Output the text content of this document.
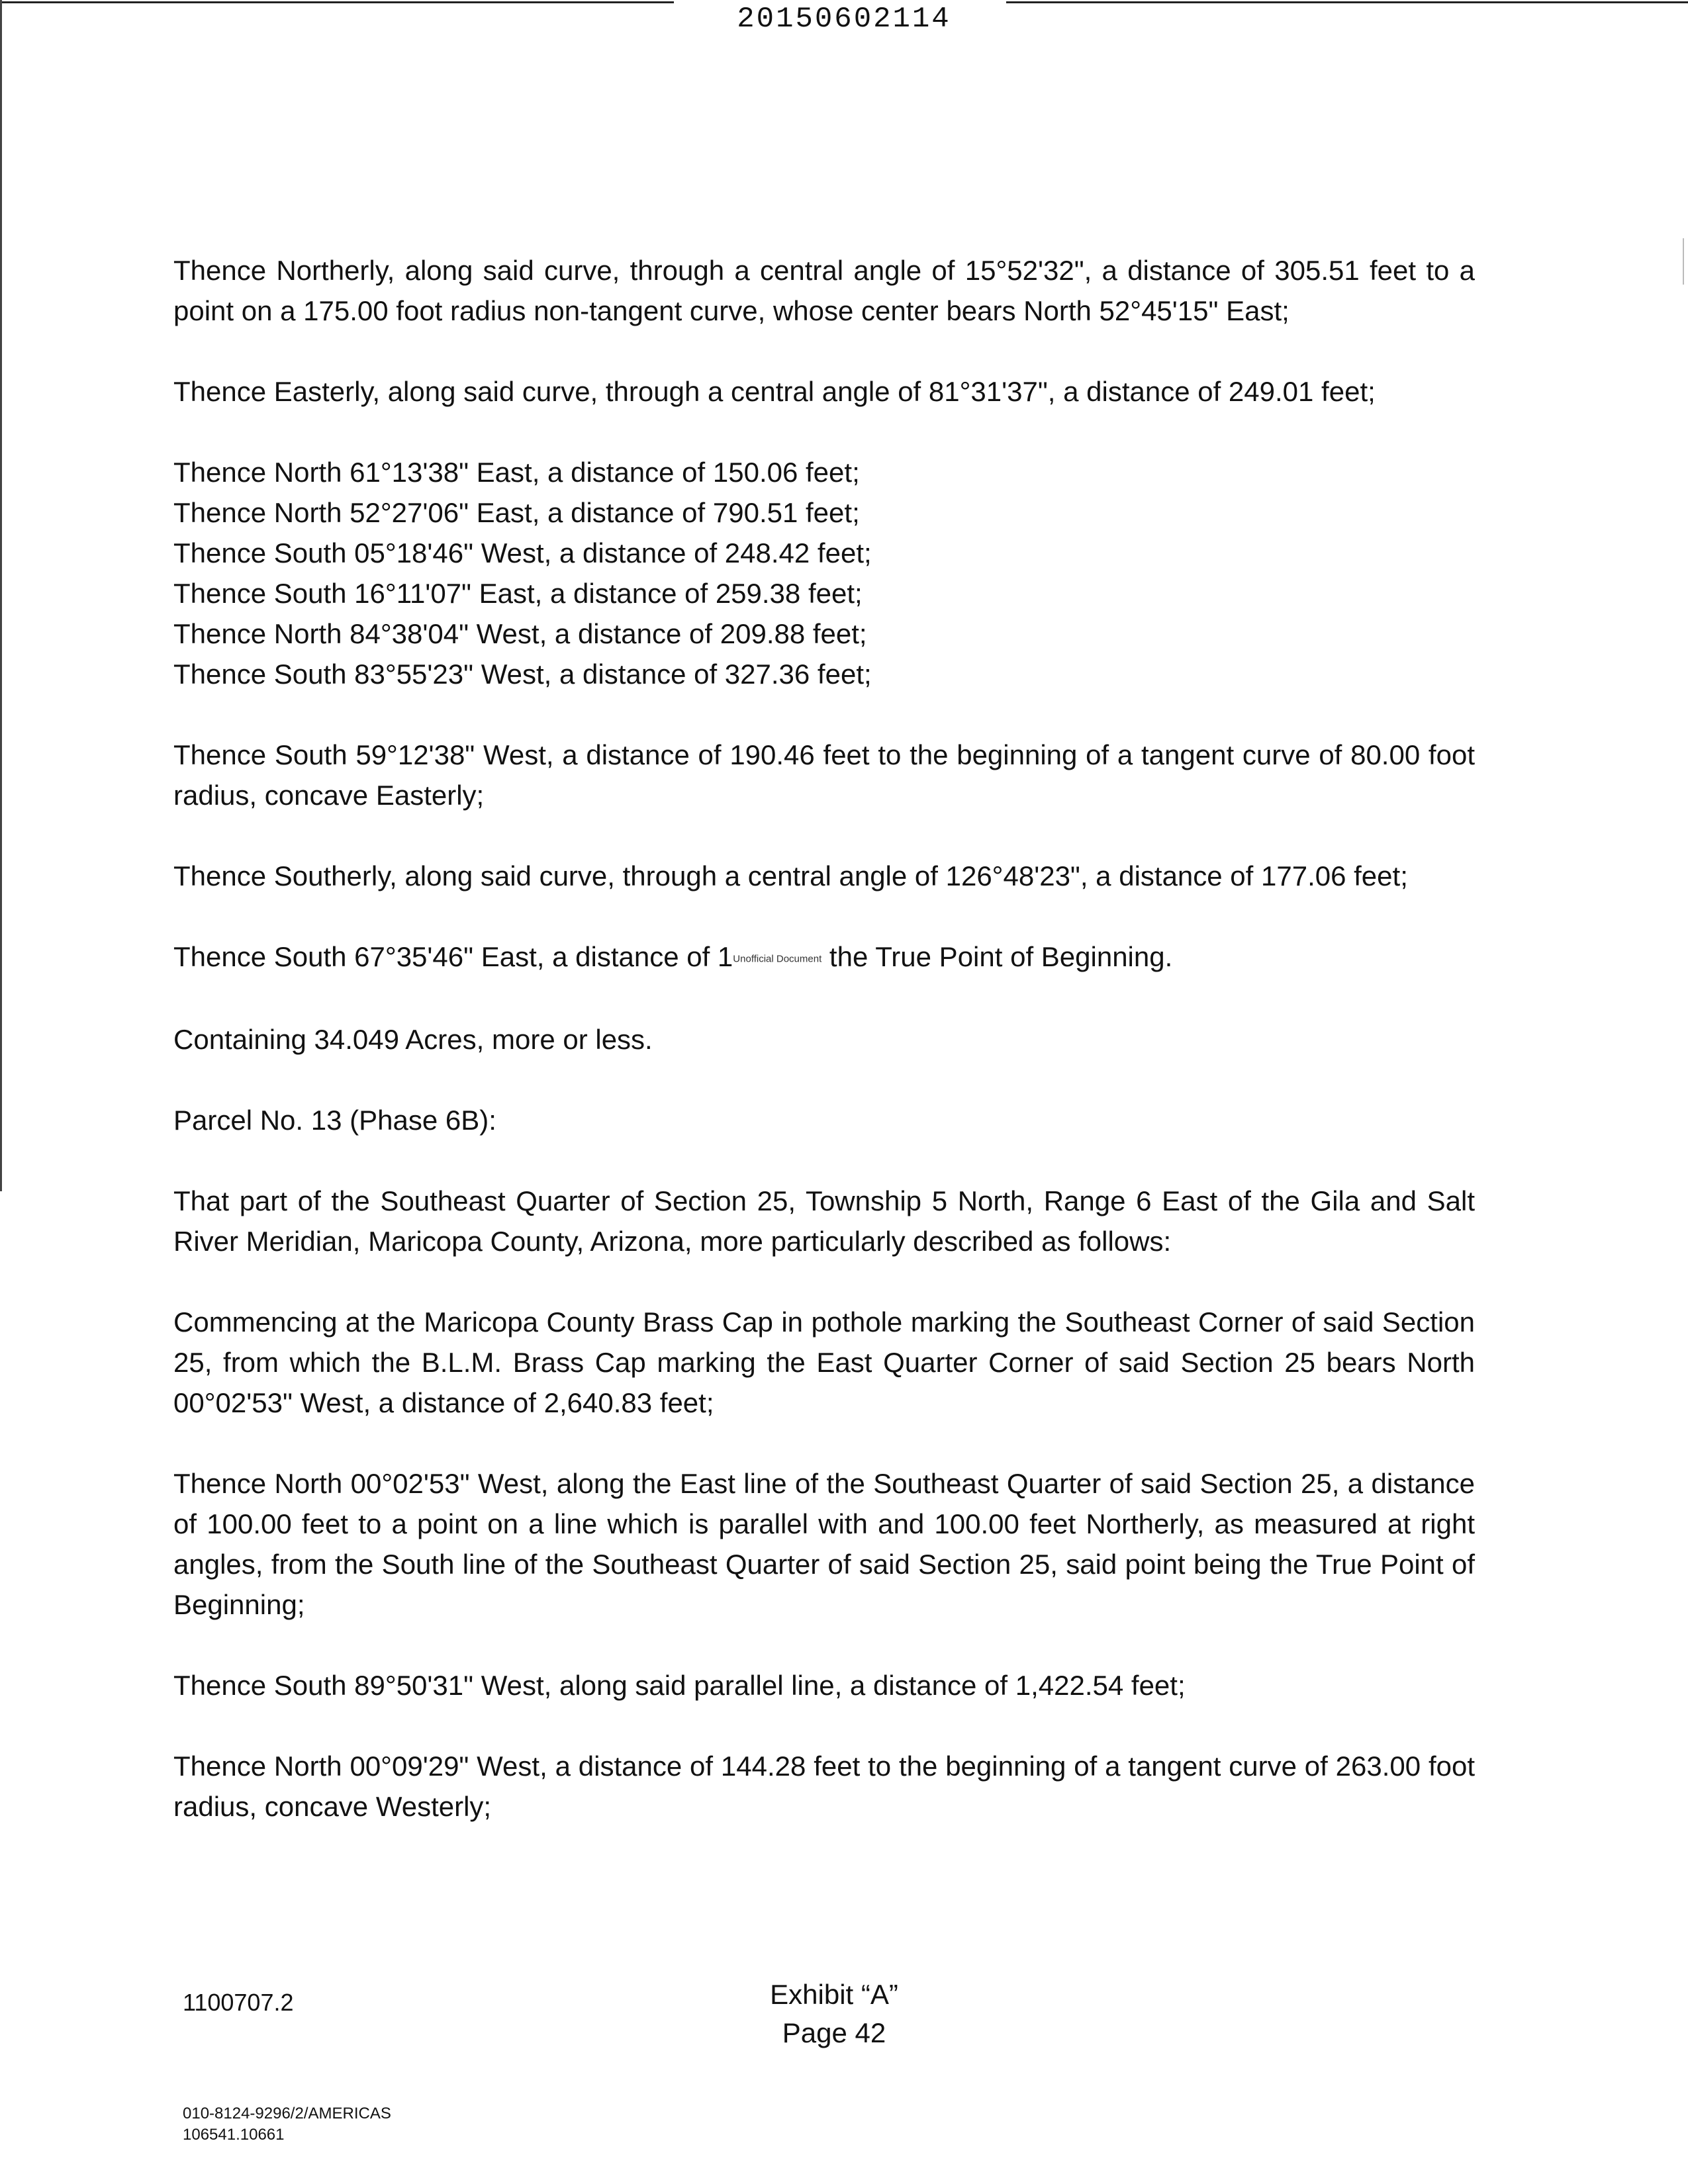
20150602114

Thence Northerly, along said curve, through a central angle of 15°52'32", a distance of 305.51 feet to a point on a 175.00 foot radius non-tangent curve, whose center bears North 52°45'15" East;

Thence Easterly, along said curve, through a central angle of 81°31'37", a distance of 249.01 feet;

Thence North 61°13'38" East, a distance of 150.06 feet;

Thence North 52°27'06" East, a distance of 790.51 feet;

Thence South 05°18'46" West, a distance of 248.42 feet;

Thence South 16°11'07" East, a distance of 259.38 feet;

Thence North 84°38'04" West, a distance of 209.88 feet;

Thence South 83°55'23" West, a distance of 327.36 feet;

Thence South 59°12'38" West, a distance of 190.46 feet to the beginning of a tangent curve of 80.00 foot radius, concave Easterly;

Thence Southerly, along said curve, through a central angle of 126°48'23", a distance of 177.06 feet;

Thence South 67°35'46" East, a distance of 1Unofficial Document the True Point of Beginning.

Containing 34.049 Acres, more or less.

Parcel No. 13 (Phase 6B):

That part of the Southeast Quarter of Section 25, Township 5 North, Range 6 East of the Gila and Salt River Meridian, Maricopa County, Arizona, more particularly described as follows:

Commencing at the Maricopa County Brass Cap in pothole marking the Southeast Corner of said Section 25, from which the B.L.M. Brass Cap marking the East Quarter Corner of said Section 25 bears North 00°02'53" West, a distance of 2,640.83 feet;

Thence North 00°02'53" West, along the East line of the Southeast Quarter of said Section 25, a distance of 100.00 feet to a point on a line which is parallel with and 100.00 feet Northerly, as measured at right angles, from the South line of the Southeast Quarter of said Section 25, said point being the True Point of Beginning;

Thence South 89°50'31" West, along said parallel line, a distance of 1,422.54 feet;

Thence North 00°09'29" West, a distance of 144.28 feet to the beginning of a tangent curve of 263.00 foot radius, concave Westerly;

1100707.2	Exhibit “A”
Page 42
010-8124-9296/2/AMERICAS
106541.10661
